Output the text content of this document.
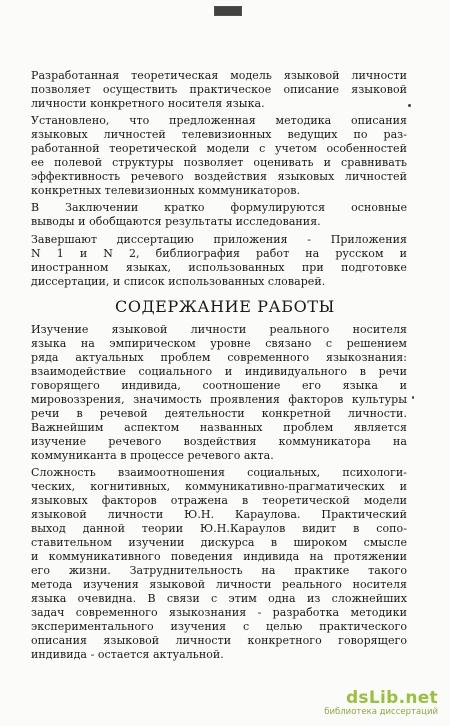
Разработанная теоретическая модель языковой личности
позволяет осуществить практическое описание языковой
личности конкретного носителя языка.
Установлено, что предложенная методика описания
языковых личностей телевизионных ведущих по раз-
работанной теоретической модели с учетом особенностей
ее полевой структуры позволяет оценивать и сравнивать
эффективность речевого воздействия языковых личностей
конкретных телевизионных коммуникаторов.
В Заключении кратко формулируются основные
выводы и обобщаются результаты исследования.
Завершают диссертацию приложения - Приложения
N 1 и N 2, библиография работ на русском и
иностранном языках, использованных при подготовке
диссертации, и список использованных словарей.
СОДЕРЖАНИЕ РАБОТЫ
Изучение языковой личности реального носителя
языка на эмпирическом уровне связано с решением
ряда актуальных проблем современного языкознания:
взаимодействие социального и индивидуального в речи
говорящего индивида, соотношение его языка и
мировоззрения, значимость проявления факторов культуры
речи в речевой деятельности конкретной личности.
Важнейшим аспектом названных проблем является
изучение речевого воздействия коммуникатора на
коммуниканта в процессе речевого акта.
Сложность взаимоотношения социальных, психологи-
ческих, когнитивных, коммуникативно-прагматических и
языковых факторов отражена в теоретической модели
языковой личности Ю.Н. Караулова. Практический
выход данной теории Ю.Н.Караулов видит в сопо-
ставительном изучении дискурса в широком смысле
и коммуникативного поведения индивида на протяжении
его жизни. Затруднительность на практике такого
метода изучения языковой личности реального носителя
языка очевидна. В связи с этим одна из сложнейших
задач современного языкознания - разработка методики
экспериментального изучения с целью практического
описания языковой личности конкретного говорящего
индивида - остается актуальной.
dsLib.net
библиотека диссертаций
